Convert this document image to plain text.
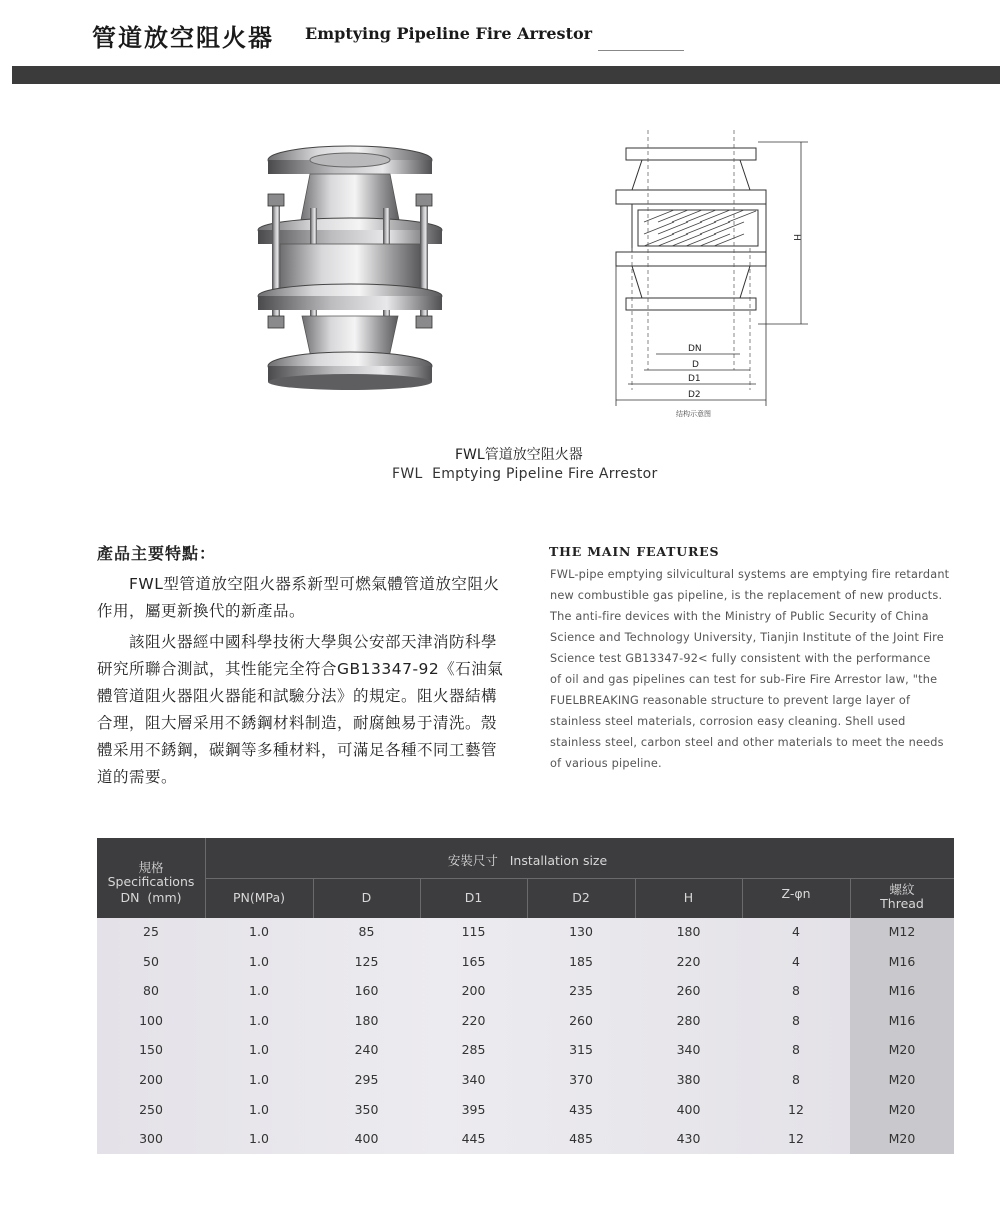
管道放空阻火器 Emptying Pipeline Fire Arrestor
H
DN
D
D1
D2
结构示意图
FWL管道放空阻火器
FWL  Emptying Pipeline Fire Arrestor
產品主要特點：
FWL型管道放空阻火器系新型可燃氣體管道放空阻火作用，屬更新換代的新產品。
該阻火器經中國科學技術大學與公安部天津消防科學研究所聯合測試，其性能完全符合GB13347-92《石油氣體管道阻火器阻火器能和試驗分法》的規定。阻火器結構合理，阻大層采用不銹鋼材料制造，耐腐蝕易于清洗。殼體采用不銹鋼，碳鋼等多種材料，可滿足各種不同工藝管道的需要。
THE MAIN FEATURES
FWL-pipe emptying silvicultural systems are emptying fire retardant
new combustible gas pipeline, is the replacement of new products.
The anti-fire devices with the Ministry of Public Security of China
Science and Technology University, Tianjin Institute of the Joint Fire
Science test GB13347-92< fully consistent with the performance
of oil and gas pipelines can test for sub-Fire Fire Arrestor law, "the
FUELBREAKING reasonable structure to prevent large layer of
stainless steel materials, corrosion easy cleaning. Shell used
stainless steel, carbon steel and other materials to meet the needs
of various pipeline.
規格
Specifications
DN  (mm)
安裝尺寸   Installation size
PN(MPa)	D	D1	D2	H	Z-φn	螺紋
Thread
25	1.0	85	115	130	180	4	M12
50	1.0	125	165	185	220	4	M16
80	1.0	160	200	235	260	8	M16
100	1.0	180	220	260	280	8	M16
150	1.0	240	285	315	340	8	M20
200	1.0	295	340	370	380	8	M20
250	1.0	350	395	435	400	12	M20
300	1.0	400	445	485	430	12	M20
